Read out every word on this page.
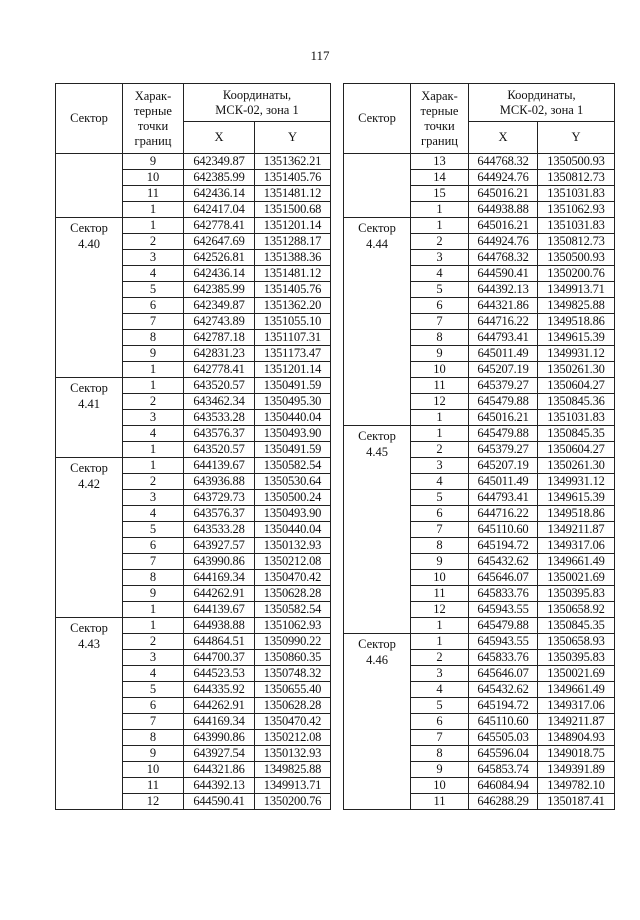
117
Сектор	Харак-
терные
точки
границ	Координаты,
МСК-02, зона 1	
		X	Y

	9	642349.87	1351362.21
	10	642385.99	1351405.76
	11	642436.14	1351481.12
	1	642417.04	1351500.68
Сектор
4.40	1	642778.41	1351201.14
	2	642647.69	1351288.17
	3	642526.81	1351388.36
	4	642436.14	1351481.12
	5	642385.99	1351405.76
	6	642349.87	1351362.20
	7	642743.89	1351055.10
	8	642787.18	1351107.31
	9	642831.23	1351173.47
	1	642778.41	1351201.14
Сектор
4.41	1	643520.57	1350491.59
	2	643462.34	1350495.30
	3	643533.28	1350440.04
	4	643576.37	1350493.90
	1	643520.57	1350491.59
Сектор
4.42	1	644139.67	1350582.54
	2	643936.88	1350530.64
	3	643729.73	1350500.24
	4	643576.37	1350493.90
	5	643533.28	1350440.04
	6	643927.57	1350132.93
	7	643990.86	1350212.08
	8	644169.34	1350470.42
	9	644262.91	1350628.28
	1	644139.67	1350582.54
Сектор
4.43	1	644938.88	1351062.93
	2	644864.51	1350990.22
	3	644700.37	1350860.35
	4	644523.53	1350748.32
	5	644335.92	1350655.40
	6	644262.91	1350628.28
	7	644169.34	1350470.42
	8	643990.86	1350212.08
	9	643927.54	1350132.93
	10	644321.86	1349825.88
	11	644392.13	1349913.71
	12	644590.41	1350200.76
Сектор	Харак-
терные
точки
границ	Координаты,
МСК-02, зона 1	
		X	Y

	13	644768.32	1350500.93
	14	644924.76	1350812.73
	15	645016.21	1351031.83
	1	644938.88	1351062.93
Сектор
4.44	1	645016.21	1351031.83
	2	644924.76	1350812.73
	3	644768.32	1350500.93
	4	644590.41	1350200.76
	5	644392.13	1349913.71
	6	644321.86	1349825.88
	7	644716.22	1349518.86
	8	644793.41	1349615.39
	9	645011.49	1349931.12
	10	645207.19	1350261.30
	11	645379.27	1350604.27
	12	645479.88	1350845.36
	1	645016.21	1351031.83
Сектор
4.45	1	645479.88	1350845.35
	2	645379.27	1350604.27
	3	645207.19	1350261.30
	4	645011.49	1349931.12
	5	644793.41	1349615.39
	6	644716.22	1349518.86
	7	645110.60	1349211.87
	8	645194.72	1349317.06
	9	645432.62	1349661.49
	10	645646.07	1350021.69
	11	645833.76	1350395.83
	12	645943.55	1350658.92
	1	645479.88	1350845.35
Сектор
4.46	1	645943.55	1350658.93
	2	645833.76	1350395.83
	3	645646.07	1350021.69
	4	645432.62	1349661.49
	5	645194.72	1349317.06
	6	645110.60	1349211.87
	7	645505.03	1348904.93
	8	645596.04	1349018.75
	9	645853.74	1349391.89
	10	646084.94	1349782.10
	11	646288.29	1350187.41
